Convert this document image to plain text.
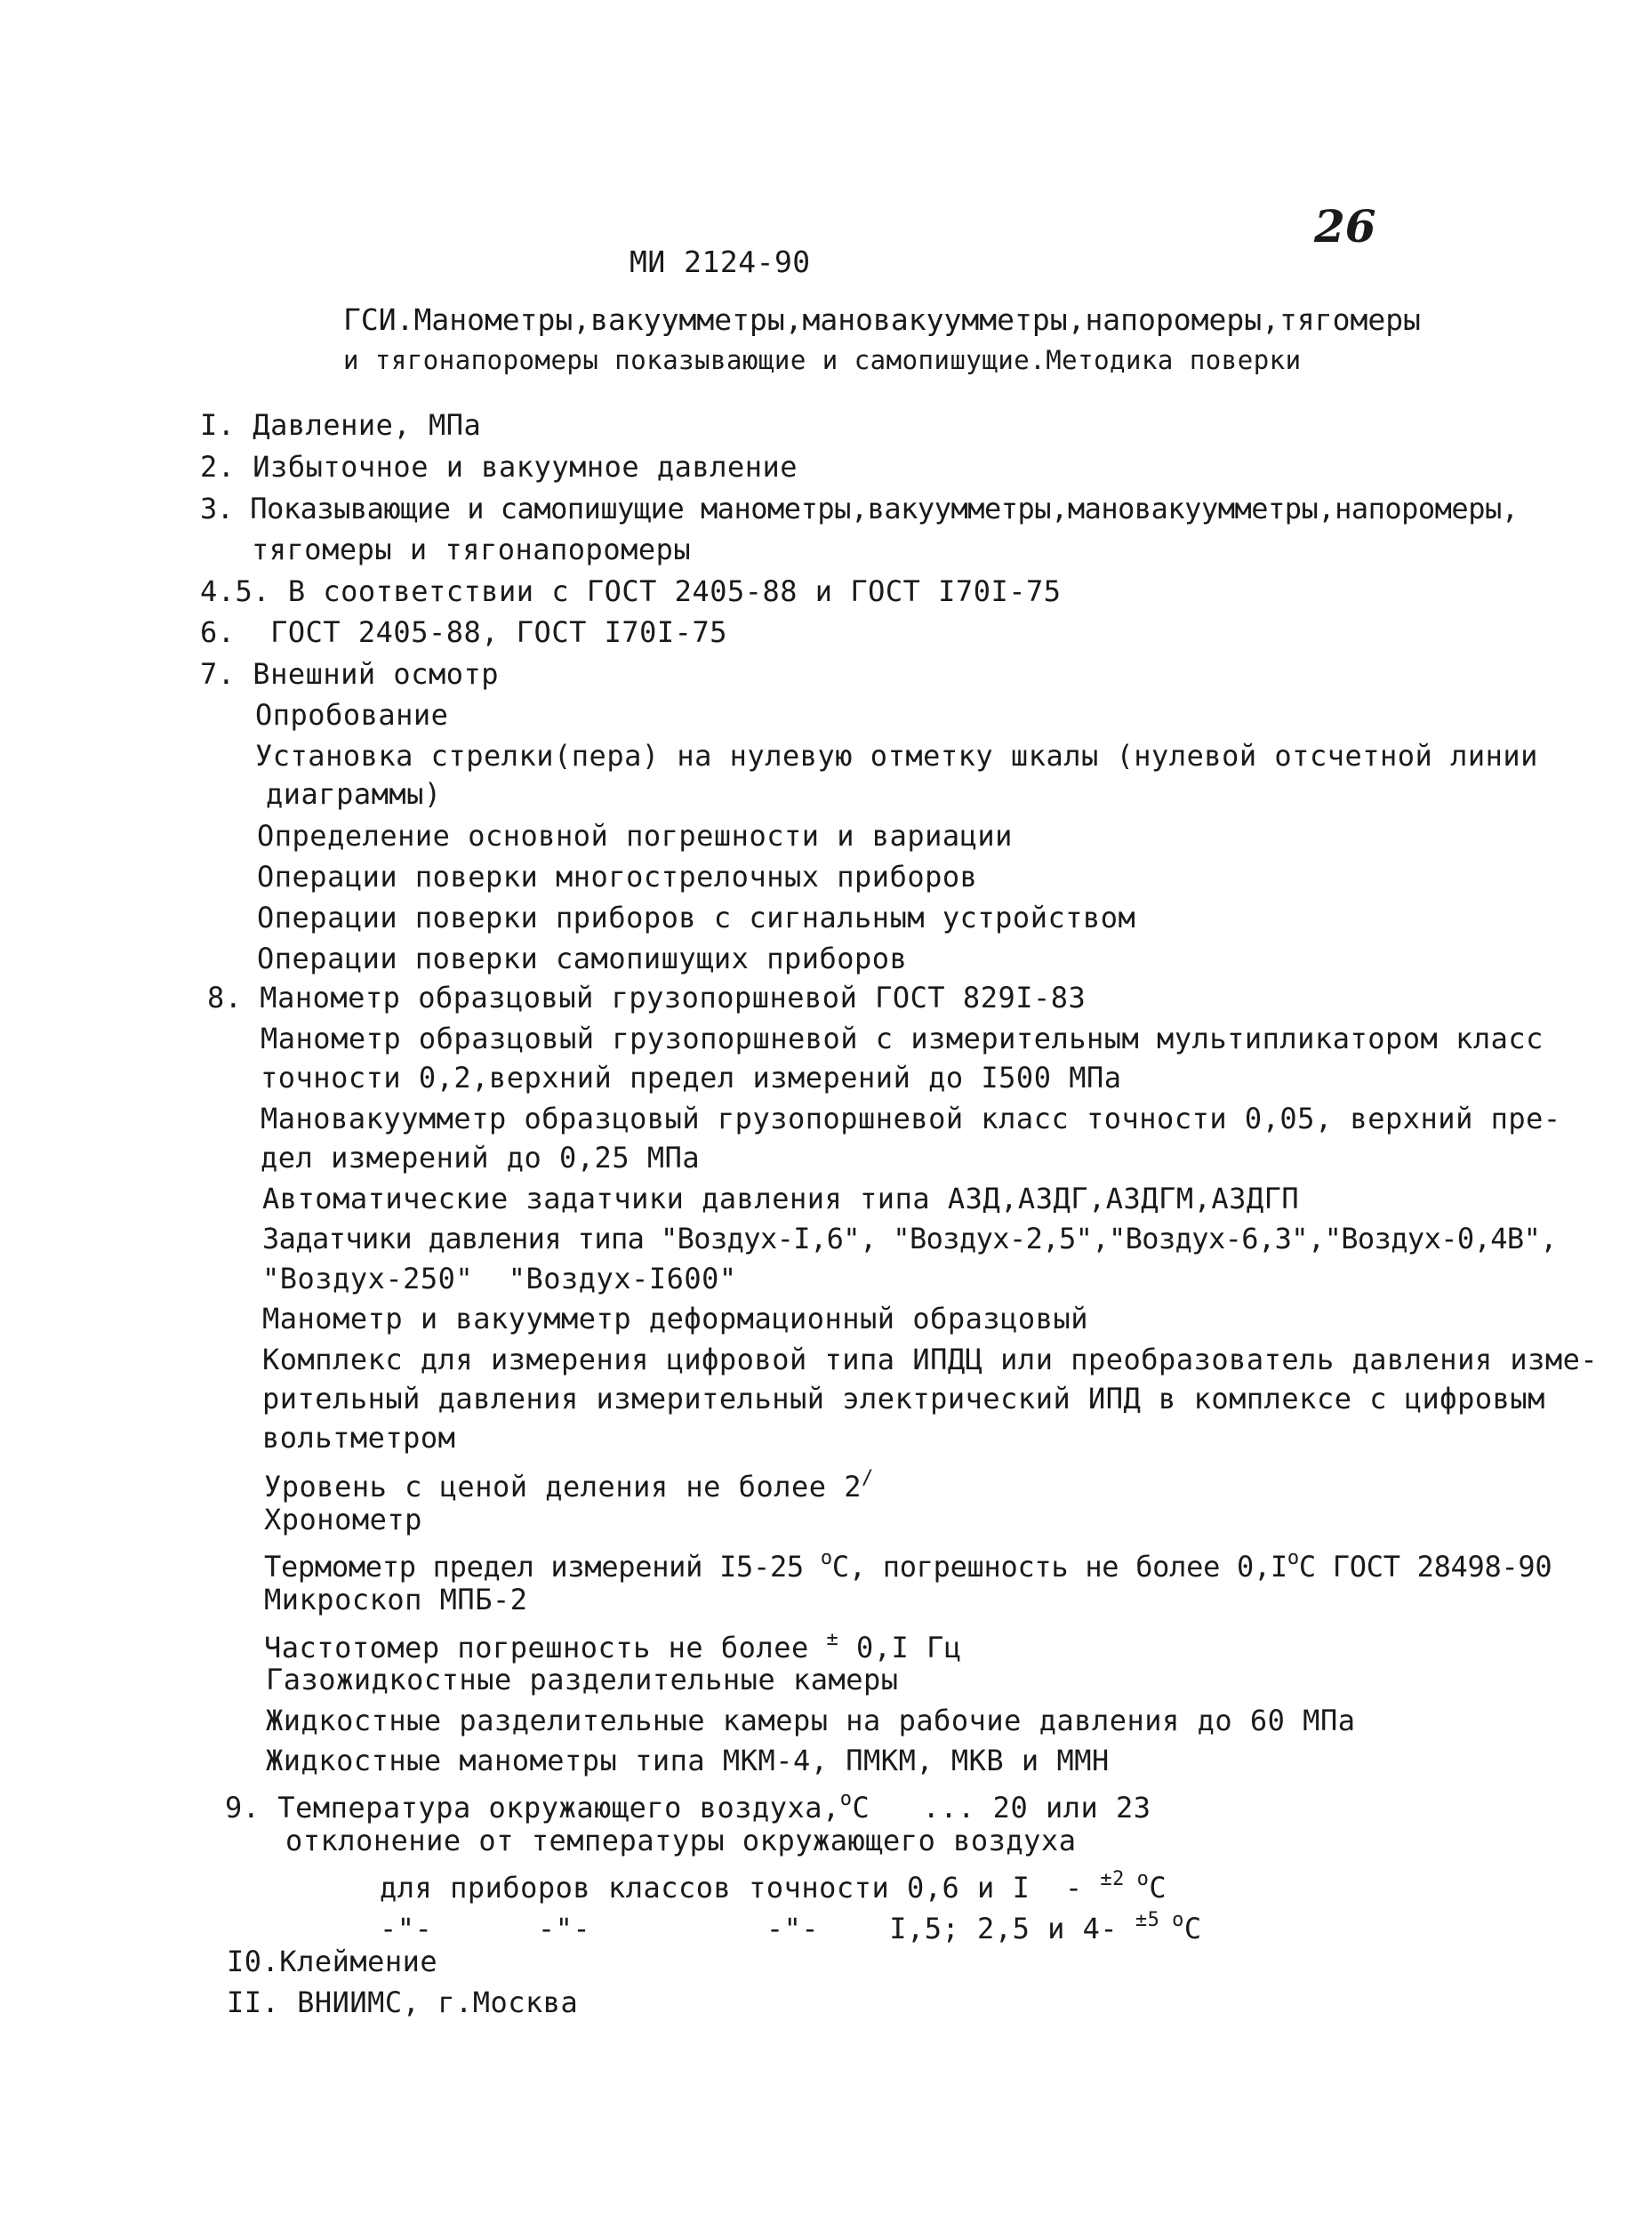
26
МИ 2124-90
ГСИ.Манометры,вакуумметры,мановакуумметры,напоромеры,тягомеры
и тягонапоромеры показывающие и самопишущие.Методика поверки
I. Давление, МПа
2. Избыточное и вакуумное давление
3. Показывающие и самопишущие манометры,вакуумметры,мановакуумметры,напоромеры,
тягомеры и тягонапоромеры
4.5. В соответствии с ГОСТ 2405-88 и ГОСТ I70I-75
6.  ГОСТ 2405-88, ГОСТ I70I-75
7. Внешний осмотр
Опробование
Установка стрелки(пера) на нулевую отметку шкалы (нулевой отсчетной линии
диаграммы)
Определение основной погрешности и вариации
Операции поверки многострелочных приборов
Операции поверки приборов с сигнальным устройством
Операции поверки самопишущих приборов
8. Манометр образцовый грузопоршневой ГОСТ 829I-83
Манометр образцовый грузопоршневой с измерительным мультипликатором класс
точности 0,2,верхний предел измерений до I500 МПа
Мановакуумметр образцовый грузопоршневой класс точности 0,05, верхний пре-
дел измерений до 0,25 МПа
Автоматические задатчики давления типа АЗД,АЗДГ,АЗДГМ,АЗДГП
Задатчики давления типа "Воздух-I,6", "Воздух-2,5","Воздух-6,3","Воздух-0,4В",
"Воздух-250"  "Воздух-I600"
Манометр и вакуумметр деформационный образцовый
Комплекс для измерения цифровой типа ИПДЦ или преобразователь давления изме-
рительный давления измерительный электрический ИПД в комплексе с цифровым
вольтметром
Уровень с ценой деления не более 2/
Хронометр
Термометр предел измерений I5-25 $^o$С, погрешность не более $0,I^oС$ ГОСТ 28498-90
Микроскоп МПБ-2
Частотомер погрешность не более ± 0,I Гц
Газожидкостные разделительные камеры
Жидкостные разделительные камеры на рабочие давления до 60 МПа
Жидкостные манометры типа МКМ-4, ПМКМ, МКВ и ММН
9. Температура окружающего воздуха,$^o$С   ... 20 или 23
отклонение от температуры окружающего воздуха
для приборов классов точности 0,6 и I  - $^{\pm 2}$ $^o$С
-"-      -"-          -"-    I,5; 2,5 и 4- $^{\pm 5}$ $^o$С
I0.Клеймение
II. ВНИИМС, г.Москва
